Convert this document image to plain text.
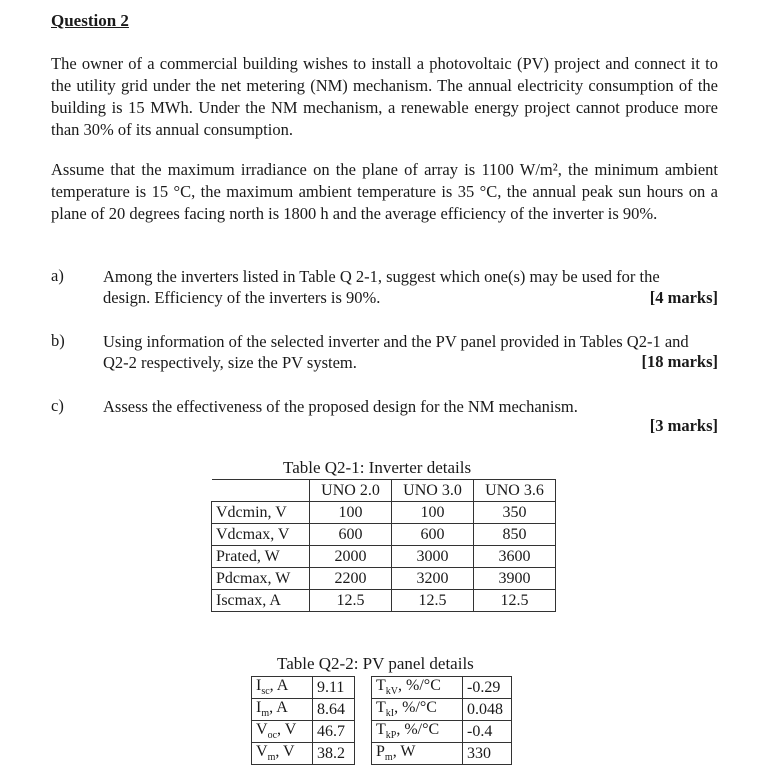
Question 2
The owner of a commercial building wishes to install a photovoltaic (PV) project and connect it to the utility grid under the net metering (NM) mechanism. The annual electricity consumption of the building is 15 MWh. Under the NM mechanism, a renewable energy project cannot produce more than 30% of its annual consumption.
Assume that the maximum irradiance on the plane of array is 1100 W/m², the minimum ambient temperature is 15 °C, the maximum ambient temperature is 35 °C, the annual peak sun hours on a plane of 20 degrees facing north is 1800 h and the average efficiency of the inverter is 90%.
a) Among the inverters listed in Table Q 2-1, suggest which one(s) may be used for the design. Efficiency of the inverters is 90%.	[4 marks]
b) Using information of the selected inverter and the PV panel provided in Tables Q2-1 and Q2-2 respectively, size the PV system.	[18 marks]
c) Assess the effectiveness of the proposed design for the NM mechanism.
[3 marks]
Table Q2-1: Inverter details
	UNO 2.0	UNO 3.0	UNO 3.6
Vdcmin, V	100	100	350
Vdcmax, V	600	600	850
Prated, W	2000	3000	3600
Pdcmax, W	2200	3200	3900
Iscmax, A	12.5	12.5	12.5
Table Q2-2: PV panel details
$I_{sc}$, A	9.11
$I_m$, A	8.64
$V_{oc}$, V	46.7
$V_m$, V	38.2
$T_{kV}$, %/°C	-0.29
$T_{kI}$, %/°C	0.048
$T_{kP}$, %/°C	-0.4
$P_m$, W	330
